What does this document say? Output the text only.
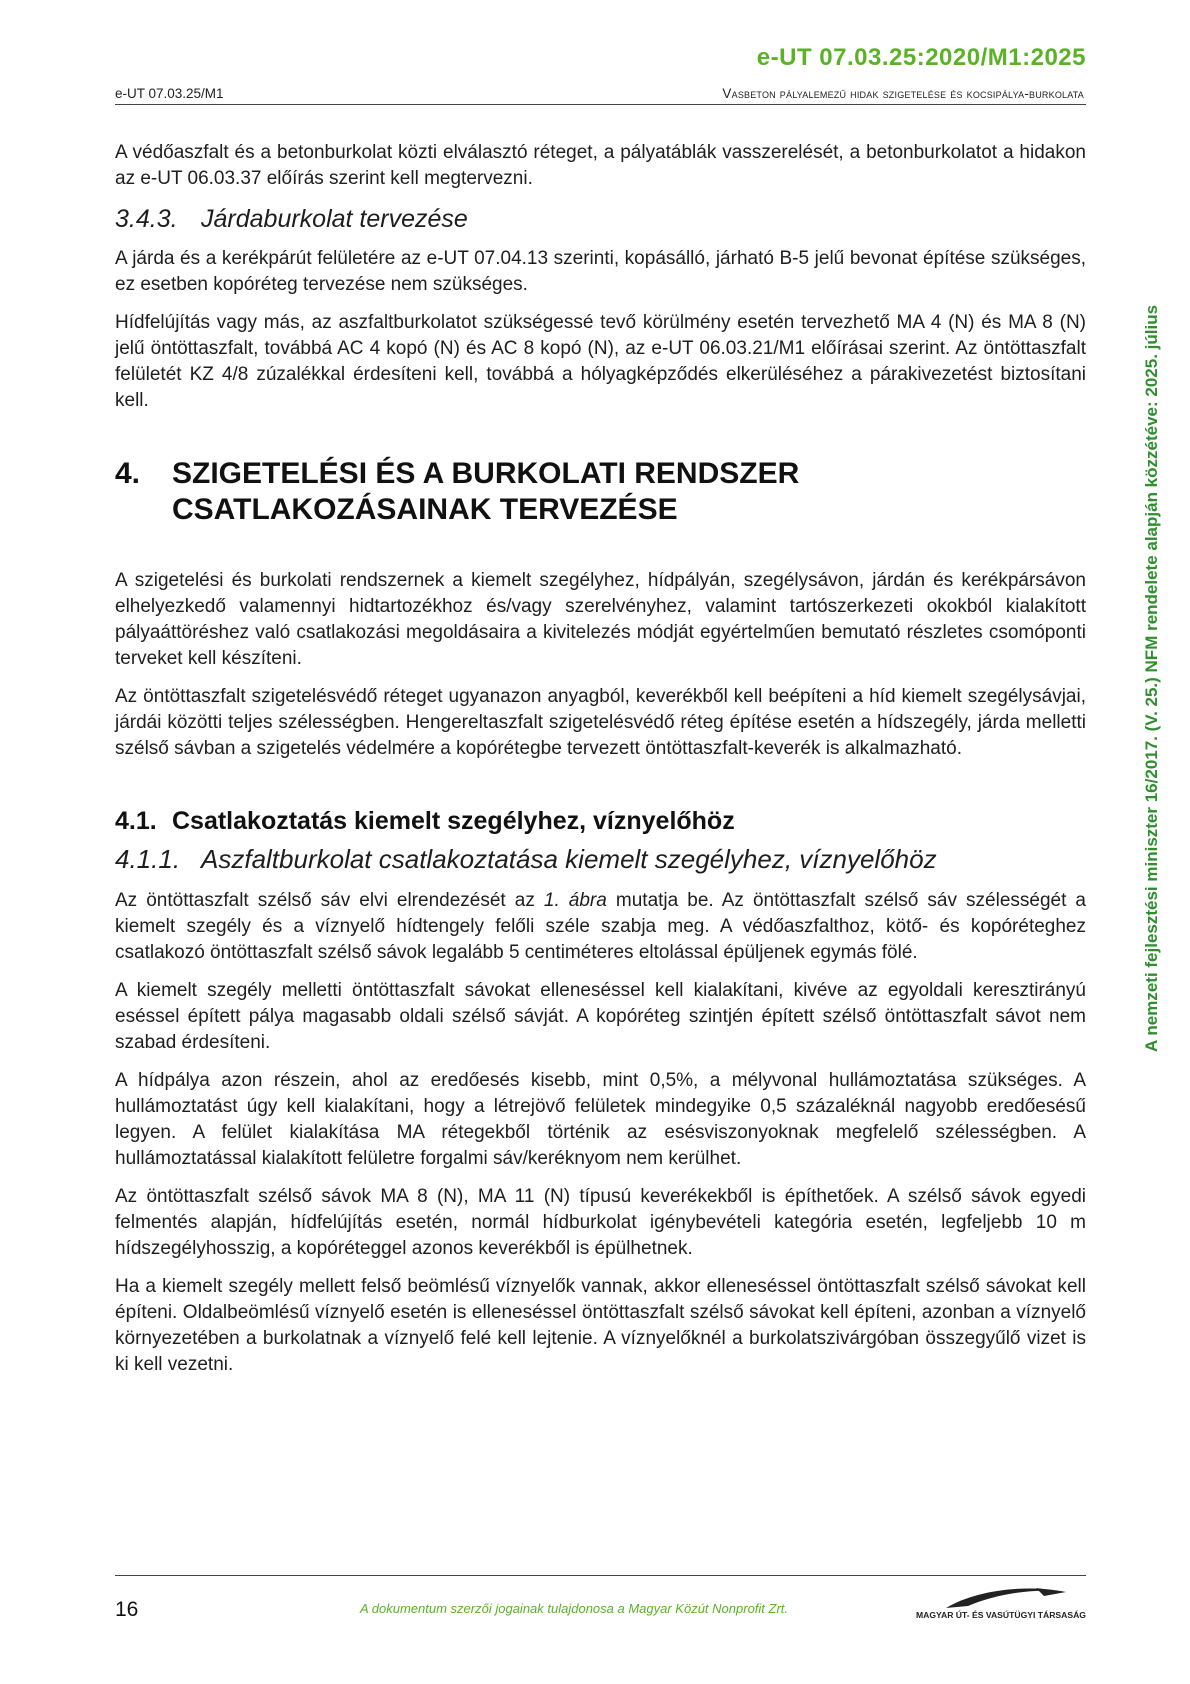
e-UT 07.03.25:2020/M1:2025
e-UT 07.03.25/M1	Vasbeton pályalemezű hidak szigetelése és kocsipálya-burkolata
A nemzeti fejlesztési miniszter 16/2017. (V. 25.) NFM rendelete alapján közzétéve: 2025. július

A védőaszfalt és a betonburkolat közti elválasztó réteget, a pályatáblák vasszerelését, a betonburkolatot a hidakon az e-UT 06.03.37 előírás szerint kell megtervezni.

3.4.3. Járdaburkolat tervezése

A járda és a kerékpárút felületére az e-UT 07.04.13 szerinti, kopásálló, járható B-5 jelű bevonat építése szükséges, ez esetben kopóréteg tervezése nem szükséges.

Hídfelújítás vagy más, az aszfaltburkolatot szükségessé tevő körülmény esetén tervezhető MA 4 (N) és MA 8 (N) jelű öntöttaszfalt, továbbá AC 4 kopó (N) és AC 8 kopó (N), az e-UT 06.03.21/M1 előírásai szerint. Az öntöttaszfalt felületét KZ 4/8 zúzalékkal érdesíteni kell, továbbá a hólyagképződés elkerüléséhez a párakivezetést biztosítani kell.

4.	SZIGETELÉSI ÉS A BURKOLATI RENDSZER
CSATLAKOZÁSAINAK TERVEZÉSE

A szigetelési és burkolati rendszernek a kiemelt szegélyhez, hídpályán, szegélysávon, járdán és kerékpársávon elhelyezkedő valamennyi hidtartozékhoz és/vagy szerelvényhez, valamint tartószerkezeti okokból kialakított pályaáttöréshez való csatlakozási megoldásaira a kivitelezés módját egyértelműen bemutató részletes csomóponti terveket kell készíteni.

Az öntöttaszfalt szigetelésvédő réteget ugyanazon anyagból, keverékből kell beépíteni a híd kiemelt szegélysávjai, járdái közötti teljes szélességben. Hengereltaszfalt szigetelésvédő réteg építése esetén a hídszegély, járda melletti szélső sávban a szigetelés védelmére a kopórétegbe tervezett öntöttaszfalt-keverék is alkalmazható.

4.1. Csatlakoztatás kiemelt szegélyhez, víznyelőhöz
4.1.1. Aszfaltburkolat csatlakoztatása kiemelt szegélyhez, víznyelőhöz

Az öntöttaszfalt szélső sáv elvi elrendezését az 1. ábra mutatja be. Az öntöttaszfalt szélső sáv szélességét a kiemelt szegély és a víznyelő hídtengely felőli széle szabja meg. A védőaszfalthoz, kötő- és kopóréteghez csatlakozó öntöttaszfalt szélső sávok legalább 5 centiméteres eltolással épüljenek egymás fölé.

A kiemelt szegély melletti öntöttaszfalt sávokat elleneséssel kell kialakítani, kivéve az egyoldali keresztirányú eséssel épített pálya magasabb oldali szélső sávját. A kopóréteg szintjén épített szélső öntöttaszfalt sávot nem szabad érdesíteni.

A hídpálya azon részein, ahol az eredőesés kisebb, mint 0,5%, a mélyvonal hullámoztatása szükséges. A hullámoztatást úgy kell kialakítani, hogy a létrejövő felületek mindegyike 0,5 százaléknál nagyobb eredőesésű legyen. A felület kialakítása MA rétegekből történik az esésviszonyoknak megfelelő szélességben. A hullámoztatással kialakított felületre forgalmi sáv/keréknyom nem kerülhet.

Az öntöttaszfalt szélső sávok MA 8 (N), MA 11 (N) típusú keverékekből is építhetőek. A szélső sávok egyedi felmentés alapján, hídfelújítás esetén, normál hídburkolat igénybevételi kategória esetén, legfeljebb 10 m hídszegélyhosszig, a kopóréteggel azonos keverékből is épülhetnek.

Ha a kiemelt szegély mellett felső beömlésű víznyelők vannak, akkor elleneséssel öntöttaszfalt szélső sávokat kell építeni. Oldalbeömlésű víznyelő esetén is elleneséssel öntöttaszfalt szélső sávokat kell építeni, azonban a víznyelő környezetében a burkolatnak a víznyelő felé kell lejtenie. A víznyelőknél a burkolatszivárgóban összegyűlő vizet is ki kell vezetni.

16	A dokumentum szerzői jogainak tulajdonosa a Magyar Közút Nonprofit Zrt.	MAGYAR ÚT- ÉS VASÚTÜGYI TÁRSASÁG
